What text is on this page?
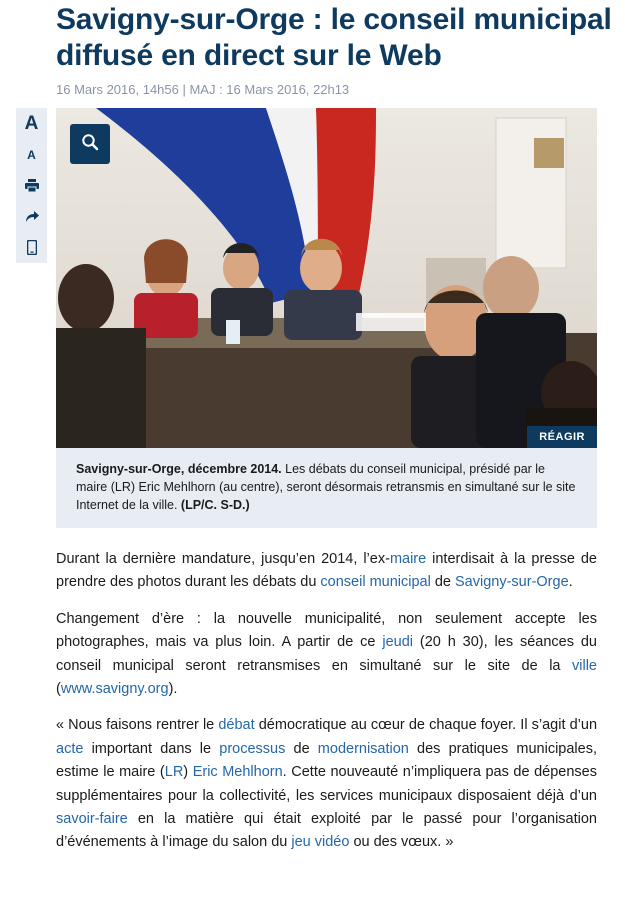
Savigny-sur-Orge : le conseil municipal diffusé en direct sur le Web
16 Mars 2016, 14h56 | MAJ : 16 Mars 2016, 22h13
A
A
RÉAGIR
Savigny-sur-Orge, décembre 2014. Les débats du conseil municipal, présidé par le maire (LR) Eric Mehlhorn (au centre), seront désormais retransmis en simultané sur le site Internet de la ville. (LP/C. S-D.)

Durant la dernière mandature, jusqu’en 2014, l’ex-maire interdisait à la presse de prendre des photos durant les débats du conseil municipal de Savigny-sur-Orge.

Changement d’ère : la nouvelle municipalité, non seulement accepte les photographes, mais va plus loin. A partir de ce jeudi (20 h 30), les séances du conseil municipal seront retransmises en simultané sur le site de la ville (www.savigny.org).

« Nous faisons rentrer le débat démocratique au cœur de chaque foyer. Il s’agit d’un acte important dans le processus de modernisation des pratiques municipales, estime le maire (LR) Eric Mehlhorn. Cette nouveauté n’impliquera pas de dépenses supplémentaires pour la collectivité, les services municipaux disposaient déjà d’un savoir-faire en la matière qui était exploité par le passé pour l’organisation d’événements à l’image du salon du jeu vidéo ou des vœux. »
